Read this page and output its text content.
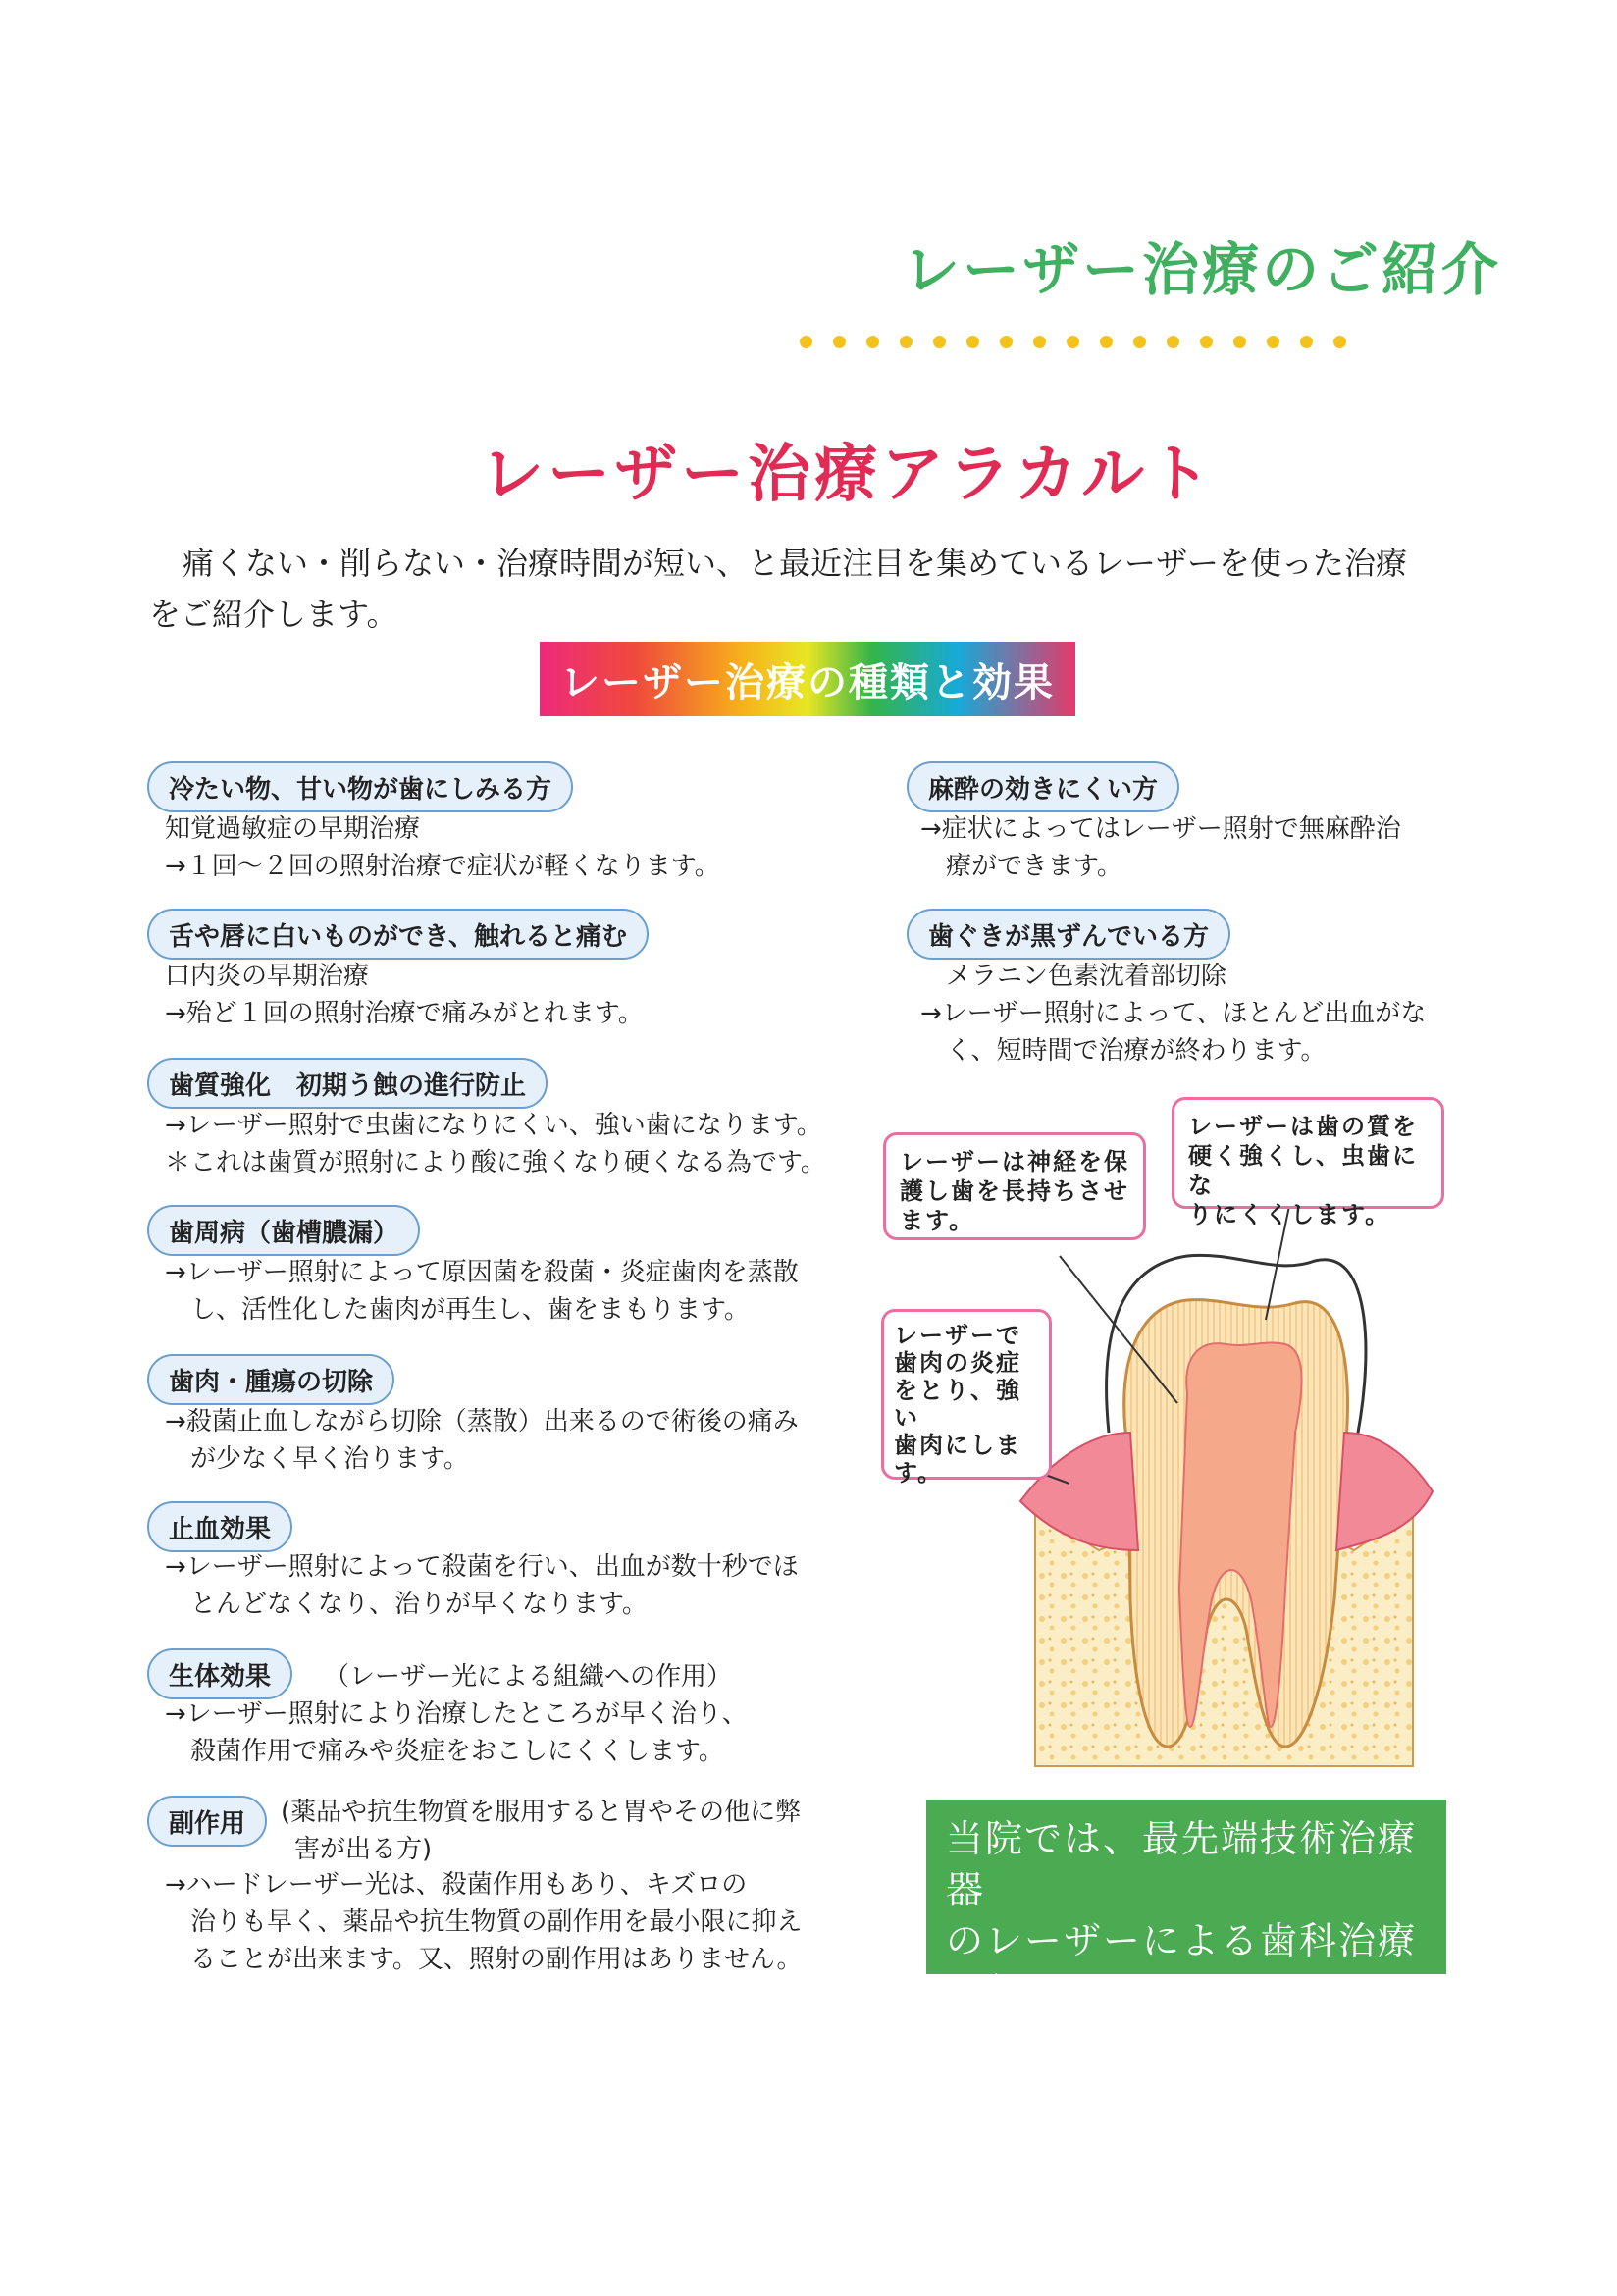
レーザー治療のご紹介
レーザー治療アラカルト
痛くない・削らない・治療時間が短い、と最近注目を集めているレーザーを使った治療
をご紹介します。
レーザー治療の種類と効果
冷たい物、甘い物が歯にしみる方
知覚過敏症の早期治療
→１回～２回の照射治療で症状が軽くなります。
舌や唇に白いものができ、触れると痛む
口内炎の早期治療
→殆ど１回の照射治療で痛みがとれます。
歯質強化　初期う蝕の進行防止
→レーザー照射で虫歯になりにくい、強い歯になります。
＊これは歯質が照射により酸に強くなり硬くなる為です。
歯周病（歯槽膿漏）
→レーザー照射によって原因菌を殺菌・炎症歯肉を蒸散
　し、活性化した歯肉が再生し、歯をまもります。
歯肉・腫瘍の切除
→殺菌止血しながら切除（蒸散）出来るので術後の痛み
　が少なく早く治ります。
止血効果
→レーザー照射によって殺菌を行い、出血が数十秒でほ
　とんどなくなり、治りが早くなります。
生体効果	（レーザー光による組織への作用）
→レーザー照射により治療したところが早く治り、
　殺菌作用で痛みや炎症をおこしにくくします。
副作用	(薬品や抗生物質を服用すると胃やその他に弊
害が出る方)
→ハードレーザー光は、殺菌作用もあり、キズロの
　治りも早く、薬品や抗生物質の副作用を最小限に抑え
　ることが出来ます。又、照射の副作用はありません。
麻酔の効きにくい方
→症状によってはレーザー照射で無麻酔治
　療ができます。
歯ぐきが黒ずんでいる方
　メラニン色素沈着部切除
→レーザー照射によって、ほとんど出血がな
　く、短時間で治療が終わります。
レーザーは神経を保
護し歯を長持ちさせ
ます。
レーザーは歯の質を
硬く強くし、虫歯にな
りにくくします。
レーザーで
歯肉の炎症
をとり、強い
歯肉にしま
す。
当院では、最先端技術治療器
のレーザーによる歯科治療
を行っております。
